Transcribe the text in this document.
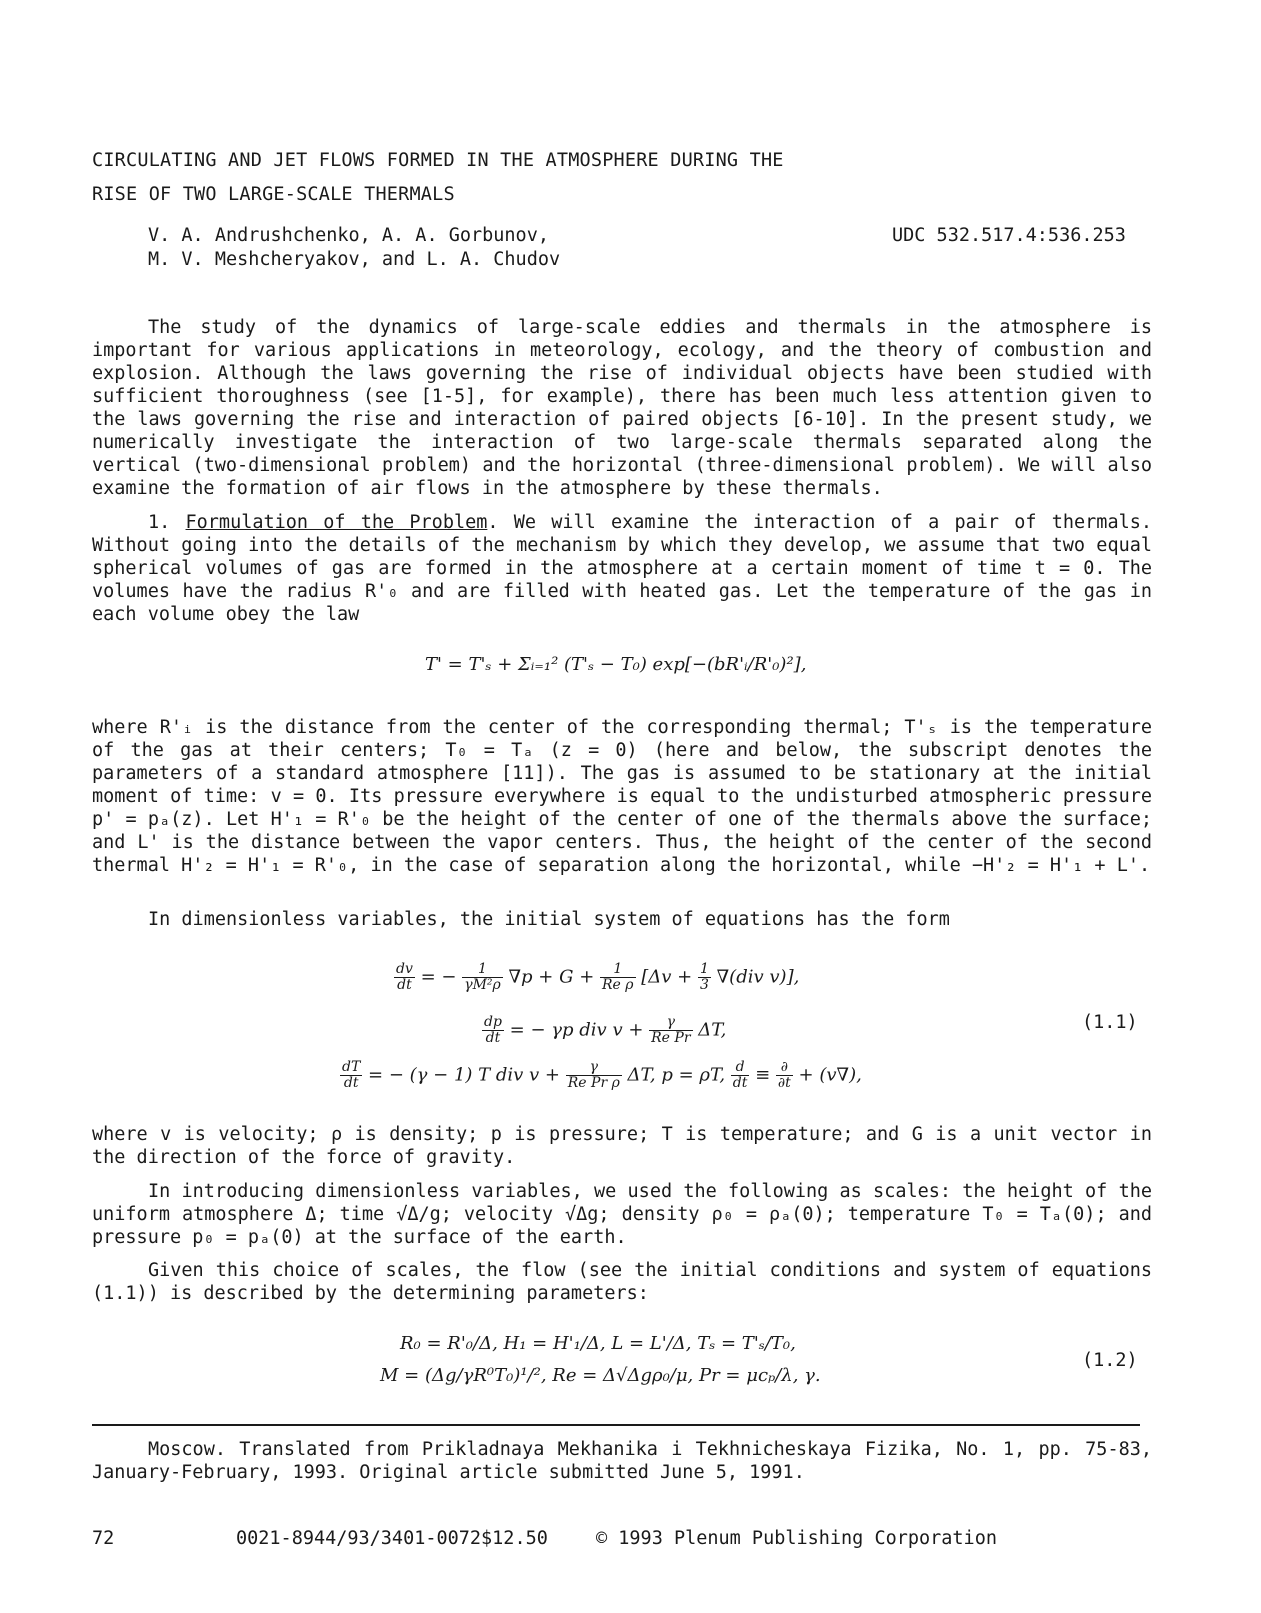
CIRCULATING AND JET FLOWS FORMED IN THE ATMOSPHERE DURING THE
RISE OF TWO LARGE-SCALE THERMALS
V. A. Andrushchenko, A. A. Gorbunov,
M. V. Meshcheryakov, and L. A. Chudov
UDC 532.517.4:536.253

The study of the dynamics of large-scale eddies and thermals in the atmosphere is important for various applications in meteorology, ecology, and the theory of combustion and explosion. Although the laws governing the rise of individual objects have been studied with sufficient thoroughness (see [1-5], for example), there has been much less attention given to the laws governing the rise and interaction of paired objects [6-10]. In the present study, we numerically investigate the interaction of two large-scale thermals separated along the vertical (two-dimensional problem) and the horizontal (three-dimensional problem). We will also examine the formation of air flows in the atmosphere by these thermals.

1. Formulation of the Problem. We will examine the interaction of a pair of thermals. Without going into the details of the mechanism by which they develop, we assume that two equal spherical volumes of gas are formed in the atmosphere at a certain moment of time t = 0. The volumes have the radius R'₀ and are filled with heated gas. Let the temperature of the gas in each volume obey the law

T' = T'ₛ + Σᵢ₌₁² (T'ₛ − T₀) exp[−(bR'ᵢ/R'₀)²],

where R'ᵢ is the distance from the center of the corresponding thermal; T'ₛ is the temperature of the gas at their centers; T₀ = Tₐ (z = 0) (here and below, the subscript denotes the parameters of a standard atmosphere [11]). The gas is assumed to be stationary at the initial moment of time: v = 0. Its pressure everywhere is equal to the undisturbed atmospheric pressure p' = pₐ(z). Let H'₁ = R'₀ be the height of the center of one of the thermals above the surface; and L' is the distance between the vapor centers. Thus, the height of the center of the second thermal H'₂ = H'₁ = R'₀, in the case of separation along the horizontal, while −H'₂ = H'₁ + L'.

In dimensionless variables, the initial system of equations has the form

$\frac{dv}{dt}$ = − $\frac{1}{\text{γM²ρ}} \nabla p + G + \frac{1}{\text{Re ρ}} [\Delta v + \frac{1}{3} \nabla(div$ v)],
$\frac{dp}{dt}$ = − γp div $v + \frac{\gamma}{\text{Re Pr}} \Delta T$,
$\frac{dT}{dt}$ = − (γ − 1) T div $v + \frac{\gamma}{\text{Re Pr ρ}} \Delta T$, p = ρT, $\frac{d}{dt} \equiv \frac{\partial}{\partial t} + (v\nabla)$,
(1.1)

where v is velocity; ρ is density; p is pressure; T is temperature; and G is a unit vector in the direction of the force of gravity.

In introducing dimensionless variables, we used the following as scales: the height of the uniform atmosphere Δ; time √Δ/g; velocity √Δg; density ρ₀ = ρₐ(0); temperature T₀ = Tₐ(0); and pressure p₀ = pₐ(0) at the surface of the earth.

Given this choice of scales, the flow (see the initial conditions and system of equations (1.1)) is described by the determining parameters:

R₀ = R'₀/Δ, H₁ = H'₁/Δ, L = L'/Δ, Tₛ = T'ₛ/T₀,
M = (Δg/γR⁰T₀)¹/², Re = Δ√Δgρ₀/μ, Pr = μcₚ/λ, γ.
(1.2)

Moscow. Translated from Prikladnaya Mekhanika i Tekhnicheskaya Fizika, No. 1, pp. 75-83, January-February, 1993. Original article submitted June 5, 1991.

72	0021-8944/93/3401-0072$12.50	© 1993 Plenum Publishing Corporation
